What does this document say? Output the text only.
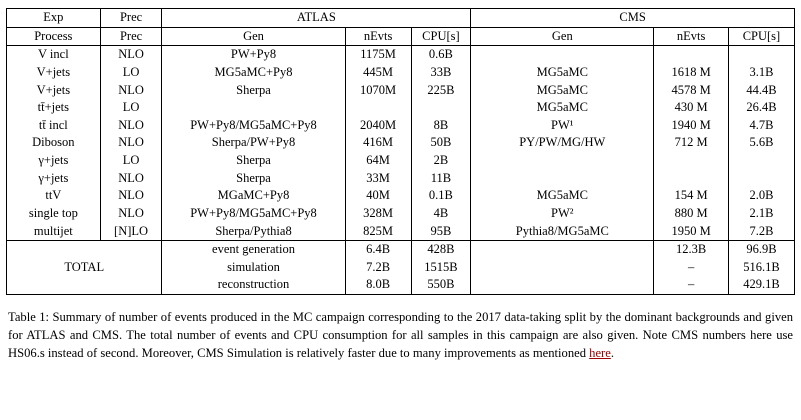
Exp	Prec	ATLAS			CMS		
Process	Prec	Gen	nEvts	CPU[s]	Gen	nEvts	CPU[s]
V incl	NLO	PW+Py8	1175M	0.6B			
V+jets	LO	MG5aMC+Py8	445M	33B	MG5aMC	1618 M	3.1B
V+jets	NLO	Sherpa	1070M	225B	MG5aMC	4578 M	44.4B
tt̄+jets	LO				MG5aMC	430 M	26.4B
tt̄ incl	NLO	PW+Py8/MG5aMC+Py8	2040M	8B	PW¹	1940 M	4.7B
Diboson	NLO	Sherpa/PW+Py8	416M	50B	PY/PW/MG/HW	712 M	5.6B
γ+jets	LO	Sherpa	64M	2B			
γ+jets	NLO	Sherpa	33M	11B			
ttV	NLO	MGaMC+Py8	40M	0.1B	MG5aMC	154 M	2.0B
single top	NLO	PW+Py8/MG5aMC+Py8	328M	4B	PW²	880 M	2.1B
multijet	[N]LO	Sherpa/Pythia8	825M	95B	Pythia8/MG5aMC	1950 M	7.2B
TOTAL		event generation	6.4B	428B		12.3B	96.9B
		simulation	7.2B	1515B		–	516.1B
		reconstruction	8.0B	550B		–	429.1B

Table 1: Summary of number of events produced in the MC campaign corresponding to the 2017 data-taking split by the dominant backgrounds and given for ATLAS and CMS. The total number of events and CPU consumption for all samples in this campaign are also given. Note CMS numbers here use HS06.s instead of second. Moreover, CMS Simulation is relatively faster due to many improvements as mentioned here.
